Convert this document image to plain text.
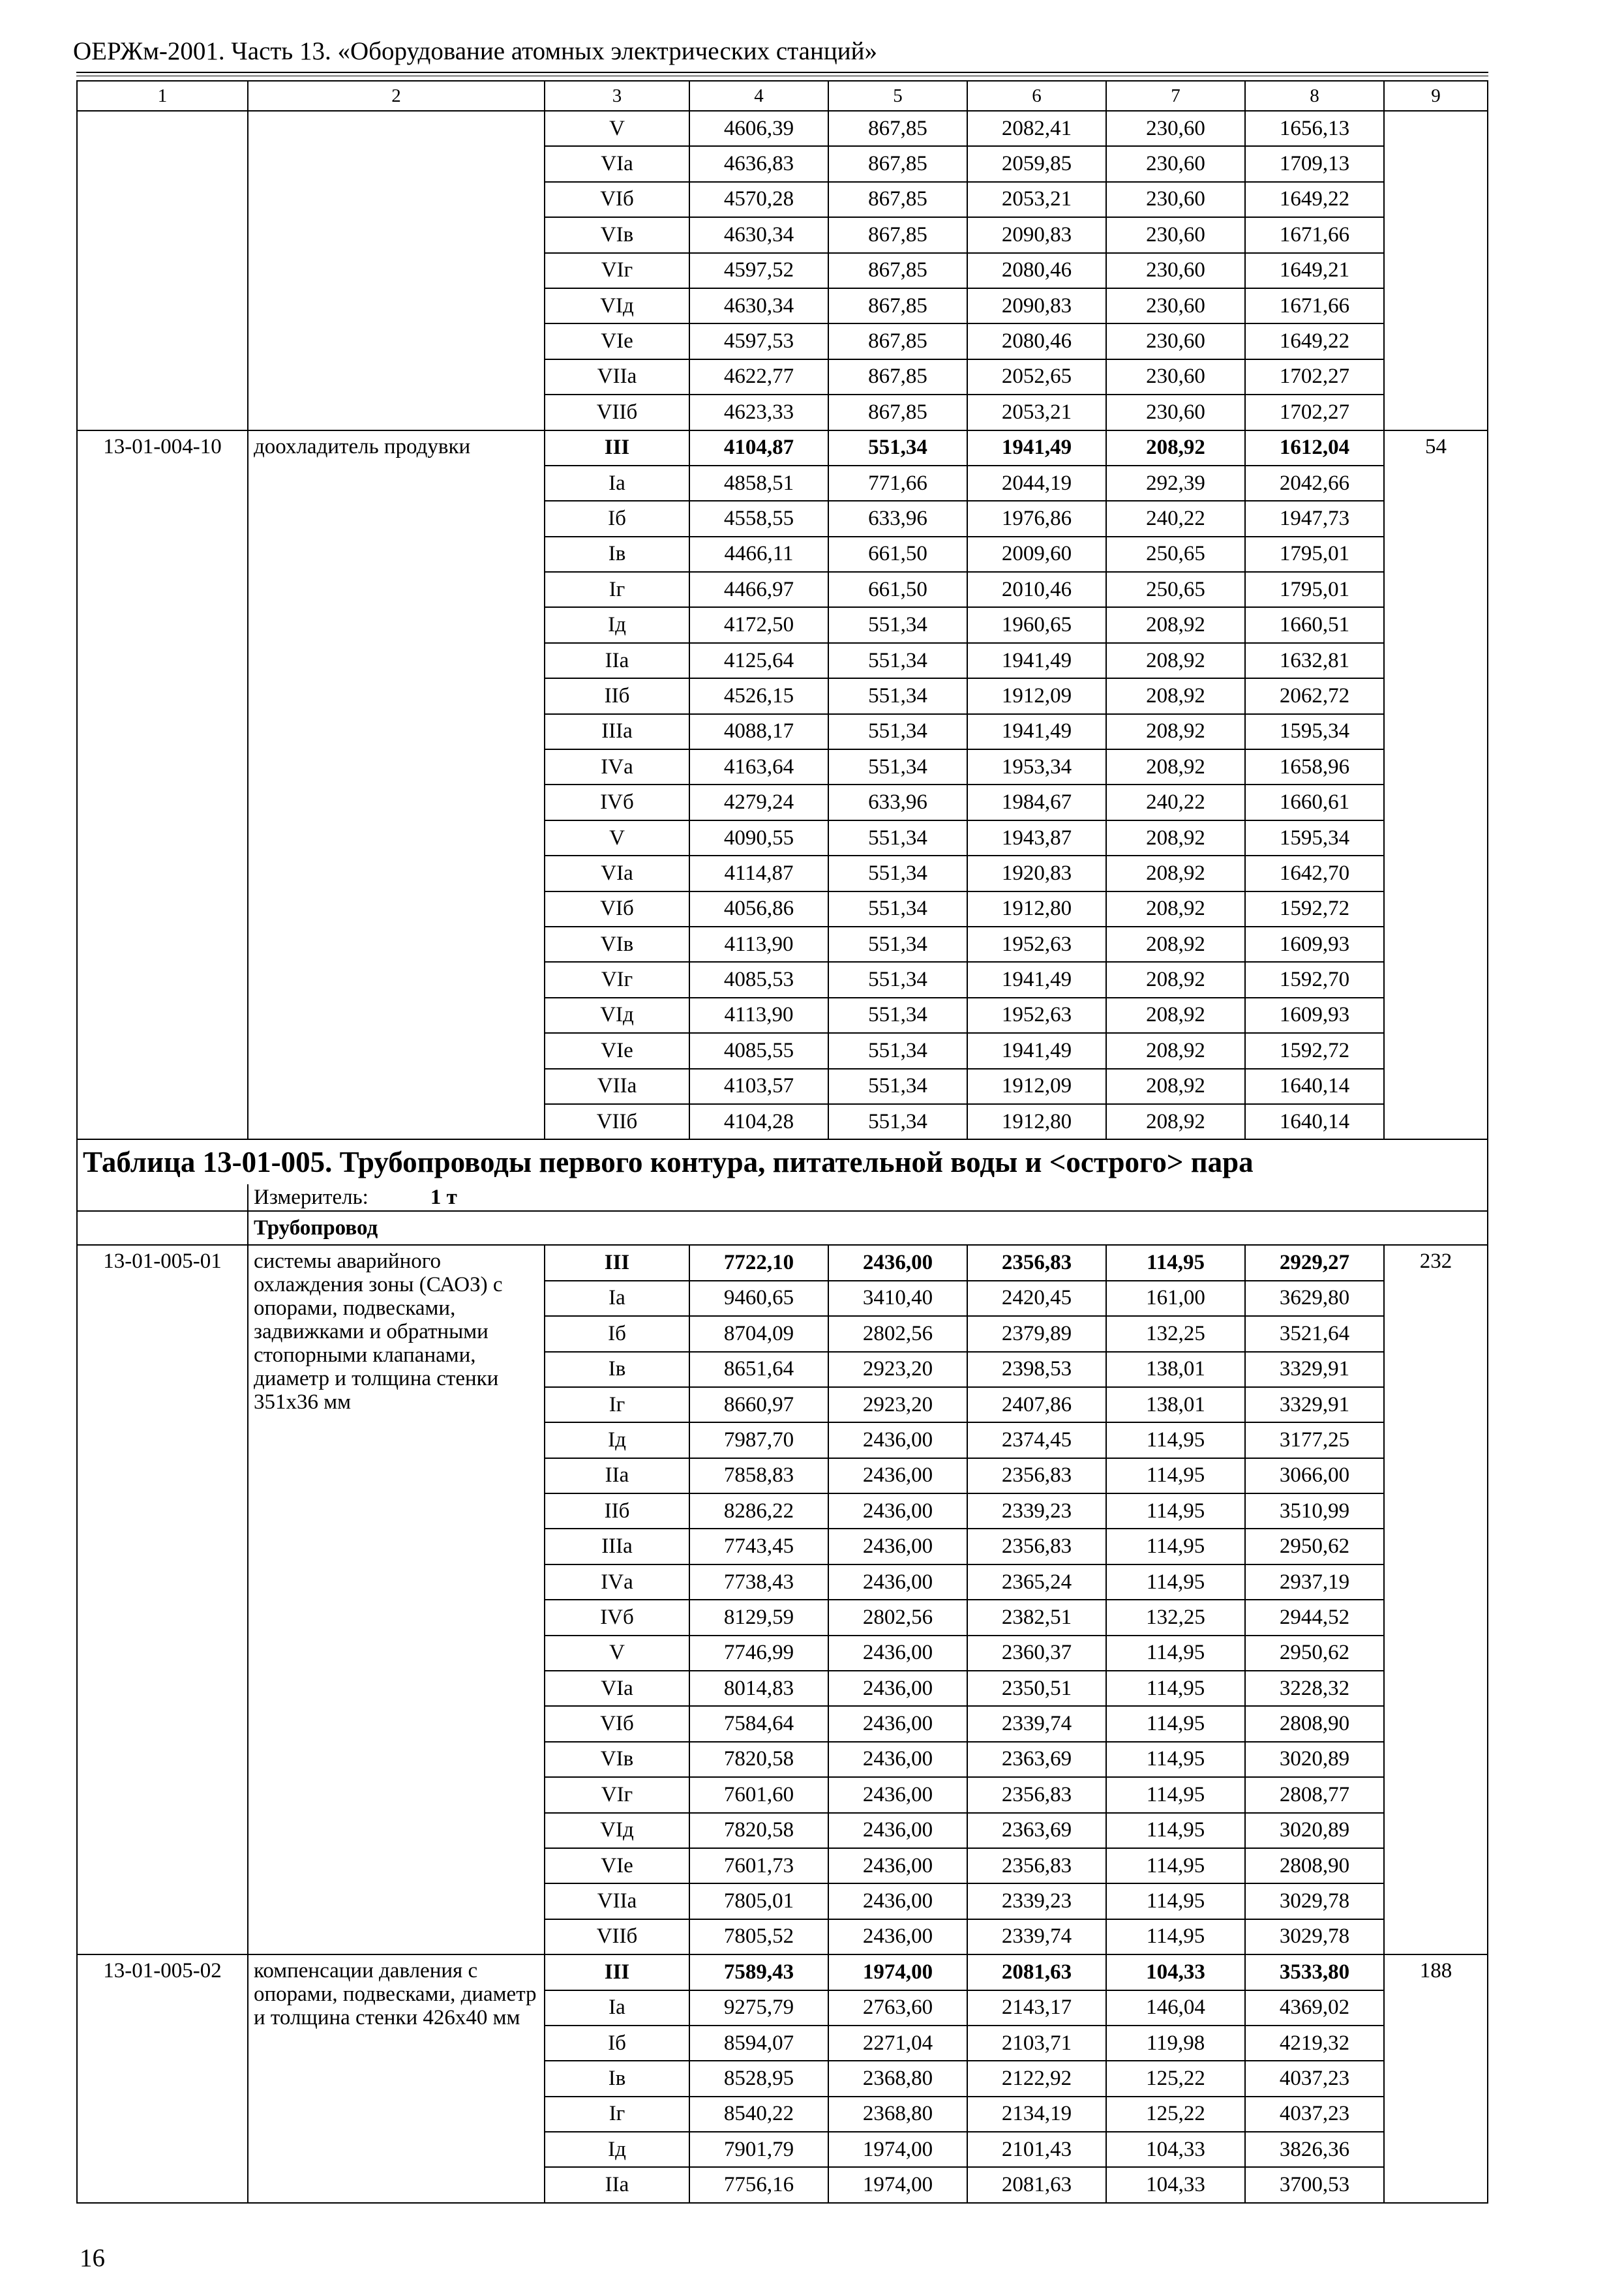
ОЕРЖм-2001. Часть 13. «Оборудование атомных электрических станций»
1	2	3	4	5	6	7	8	9
		V	4606,39	867,85	2082,41	230,60	1656,13	
		VIа	4636,83	867,85	2059,85	230,60	1709,13	
		VIб	4570,28	867,85	2053,21	230,60	1649,22	
		VIв	4630,34	867,85	2090,83	230,60	1671,66	
		VIг	4597,52	867,85	2080,46	230,60	1649,21	
		VIд	4630,34	867,85	2090,83	230,60	1671,66	
		VIе	4597,53	867,85	2080,46	230,60	1649,22	
		VIIа	4622,77	867,85	2052,65	230,60	1702,27	
		VIIб	4623,33	867,85	2053,21	230,60	1702,27	
13-01-004-10	доохладитель продувки	III	4104,87	551,34	1941,49	208,92	1612,04	54
		Iа	4858,51	771,66	2044,19	292,39	2042,66	
		Iб	4558,55	633,96	1976,86	240,22	1947,73	
		Iв	4466,11	661,50	2009,60	250,65	1795,01	
		Iг	4466,97	661,50	2010,46	250,65	1795,01	
		Iд	4172,50	551,34	1960,65	208,92	1660,51	
		IIа	4125,64	551,34	1941,49	208,92	1632,81	
		IIб	4526,15	551,34	1912,09	208,92	2062,72	
		IIIа	4088,17	551,34	1941,49	208,92	1595,34	
		IVа	4163,64	551,34	1953,34	208,92	1658,96	
		IVб	4279,24	633,96	1984,67	240,22	1660,61	
		V	4090,55	551,34	1943,87	208,92	1595,34	
		VIа	4114,87	551,34	1920,83	208,92	1642,70	
		VIб	4056,86	551,34	1912,80	208,92	1592,72	
		VIв	4113,90	551,34	1952,63	208,92	1609,93	
		VIг	4085,53	551,34	1941,49	208,92	1592,70	
		VIд	4113,90	551,34	1952,63	208,92	1609,93	
		VIе	4085,55	551,34	1941,49	208,92	1592,72	
		VIIа	4103,57	551,34	1912,09	208,92	1640,14	
		VIIб	4104,28	551,34	1912,80	208,92	1640,14	
Таблица 13-01-005. Трубопроводы первого контура, питательной воды и <острого> пара								
	Измеритель: 1 т							
	Трубопровод							
13-01-005-01	системы аварийного охлаждения зоны (САОЗ) с опорами, подвесками, задвижками и обратными стопорными клапанами, диаметр и толщина стенки 351x36 мм	III	7722,10	2436,00	2356,83	114,95	2929,27	232
		Iа	9460,65	3410,40	2420,45	161,00	3629,80	
		Iб	8704,09	2802,56	2379,89	132,25	3521,64	
		Iв	8651,64	2923,20	2398,53	138,01	3329,91	
		Iг	8660,97	2923,20	2407,86	138,01	3329,91	
		Iд	7987,70	2436,00	2374,45	114,95	3177,25	
		IIа	7858,83	2436,00	2356,83	114,95	3066,00	
		IIб	8286,22	2436,00	2339,23	114,95	3510,99	
		IIIа	7743,45	2436,00	2356,83	114,95	2950,62	
		IVа	7738,43	2436,00	2365,24	114,95	2937,19	
		IVб	8129,59	2802,56	2382,51	132,25	2944,52	
		V	7746,99	2436,00	2360,37	114,95	2950,62	
		VIа	8014,83	2436,00	2350,51	114,95	3228,32	
		VIб	7584,64	2436,00	2339,74	114,95	2808,90	
		VIв	7820,58	2436,00	2363,69	114,95	3020,89	
		VIг	7601,60	2436,00	2356,83	114,95	2808,77	
		VIд	7820,58	2436,00	2363,69	114,95	3020,89	
		VIе	7601,73	2436,00	2356,83	114,95	2808,90	
		VIIа	7805,01	2436,00	2339,23	114,95	3029,78	
		VIIб	7805,52	2436,00	2339,74	114,95	3029,78	
13-01-005-02	компенсации давления с опорами, подвесками, диаметр и толщина стенки 426x40 мм	III	7589,43	1974,00	2081,63	104,33	3533,80	188
		Iа	9275,79	2763,60	2143,17	146,04	4369,02	
		Iб	8594,07	2271,04	2103,71	119,98	4219,32	
		Iв	8528,95	2368,80	2122,92	125,22	4037,23	
		Iг	8540,22	2368,80	2134,19	125,22	4037,23	
		Iд	7901,79	1974,00	2101,43	104,33	3826,36	
		IIа	7756,16	1974,00	2081,63	104,33	3700,53	
16
